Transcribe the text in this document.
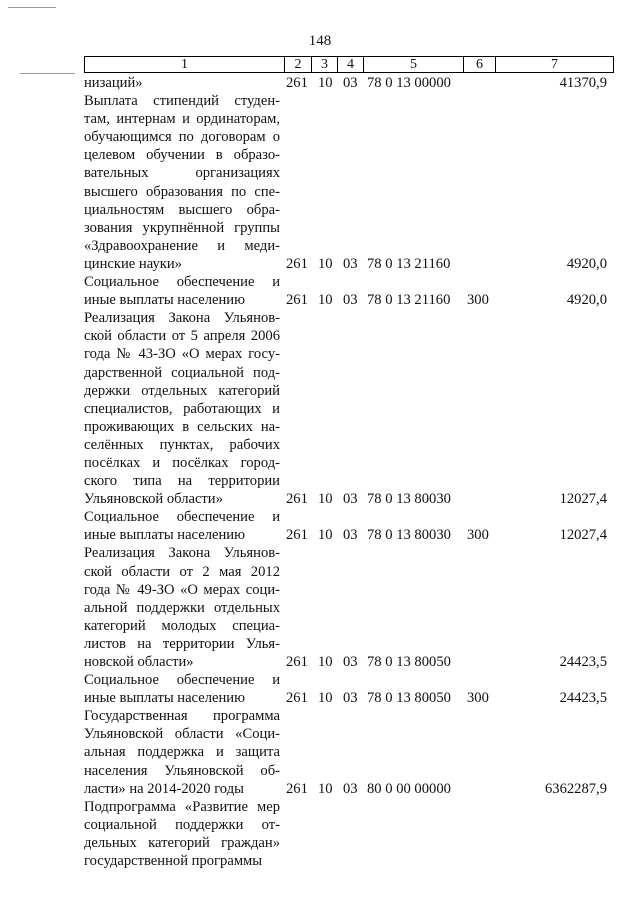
148
1	2	3	4	5	6	7
низаций»	261 10 03 78 0 13 00000	41370,9
Выплата стипендий студен-
там, интернам и ординаторам,
обучающимся по договорам о
целевом обучении в образо-
вательных организациях
высшего образования по спе-
циальностям высшего обра-
зования укрупнённой группы
«Здравоохранение и меди-
цинские науки»	261 10 03 78 0 13 21160	4920,0
Социальное обеспечение и
иные выплаты населению	261 10 03 78 0 13 21160 300	4920,0
Реализация Закона Ульянов-
ской области от 5 апреля 2006
года № 43-ЗО «О мерах госу-
дарственной социальной под-
держки отдельных категорий
специалистов, работающих и
проживающих в сельских на-
селённых пунктах, рабочих
посёлках и посёлках город-
ского типа на территории
Ульяновской области»	261 10 03 78 0 13 80030	12027,4
Социальное обеспечение и
иные выплаты населению	261 10 03 78 0 13 80030 300	12027,4
Реализация Закона Ульянов-
ской области от 2 мая 2012
года № 49-ЗО «О мерах соци-
альной поддержки отдельных
категорий молодых специа-
листов на территории Улья-
новской области»	261 10 03 78 0 13 80050	24423,5
Социальное обеспечение и
иные выплаты населению	261 10 03 78 0 13 80050 300	24423,5
Государственная программа
Ульяновской области «Соци-
альная поддержка и защита
населения Ульяновской об-
ласти» на 2014-2020 годы	261 10 03 80 0 00 00000	6362287,9
Подпрограмма «Развитие мер
социальной поддержки от-
дельных категорий граждан»
государственной программы
